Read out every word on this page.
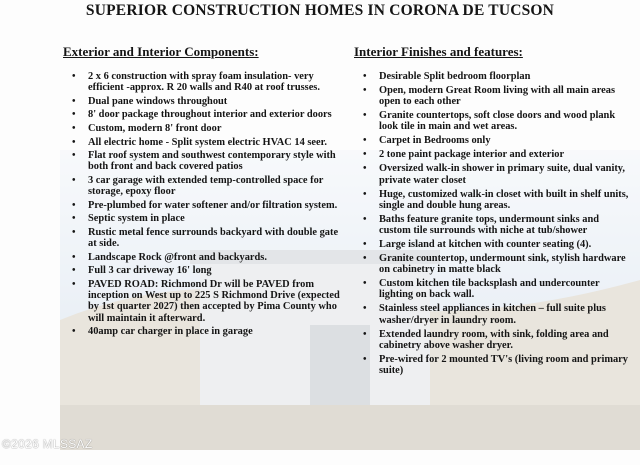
SUPERIOR CONSTRUCTION HOMES IN CORONA DE TUCSON
Exterior and Interior Components:
• 2 x 6 construction with spray foam insulation- very efficient -approx. R 20 walls and R40 at roof trusses.
• Dual pane windows throughout
• 8' door package throughout interior and exterior doors
• Custom, modern 8' front door
• All electric home - Split system electric HVAC 14 seer.
• Flat roof system and southwest contemporary style with both front and back covered patios
• 3 car garage with extended temp-controlled space for storage, epoxy floor
• Pre-plumbed for water softener and/or filtration system.
• Septic system in place
• Rustic metal fence surrounds backyard with double gate at side.
• Landscape Rock @front and backyards.
• Full 3 car driveway 16' long
• PAVED ROAD: Richmond Dr will be PAVED from inception on West up to 225 S Richmond Drive (expected by 1st quarter 2027) then accepted by Pima County who will maintain it afterward.
• 40amp car charger in place in garage
Interior Finishes and features:
• Desirable Split bedroom floorplan
• Open, modern Great Room living with all main areas open to each other
• Granite countertops, soft close doors and wood plank look tile in main and wet areas.
• Carpet in Bedrooms only
• 2 tone paint package interior and exterior
• Oversized walk-in shower in primary suite, dual vanity, private water closet
• Huge, customized walk-in closet with built in shelf units, single and double hung areas.
• Baths feature granite tops, undermount sinks and custom tile surrounds with niche at tub/shower
• Large island at kitchen with counter seating (4).
• Granite countertop, undermount sink, stylish hardware on cabinetry in matte black
• Custom kitchen tile backsplash and undercounter lighting on back wall.
• Stainless steel appliances in kitchen – full suite plus washer/dryer in laundry room.
• Extended laundry room, with sink, folding area and cabinetry above washer dryer.
• Pre-wired for 2 mounted TV's (living room and primary suite)
©2026 MLSSAZ
